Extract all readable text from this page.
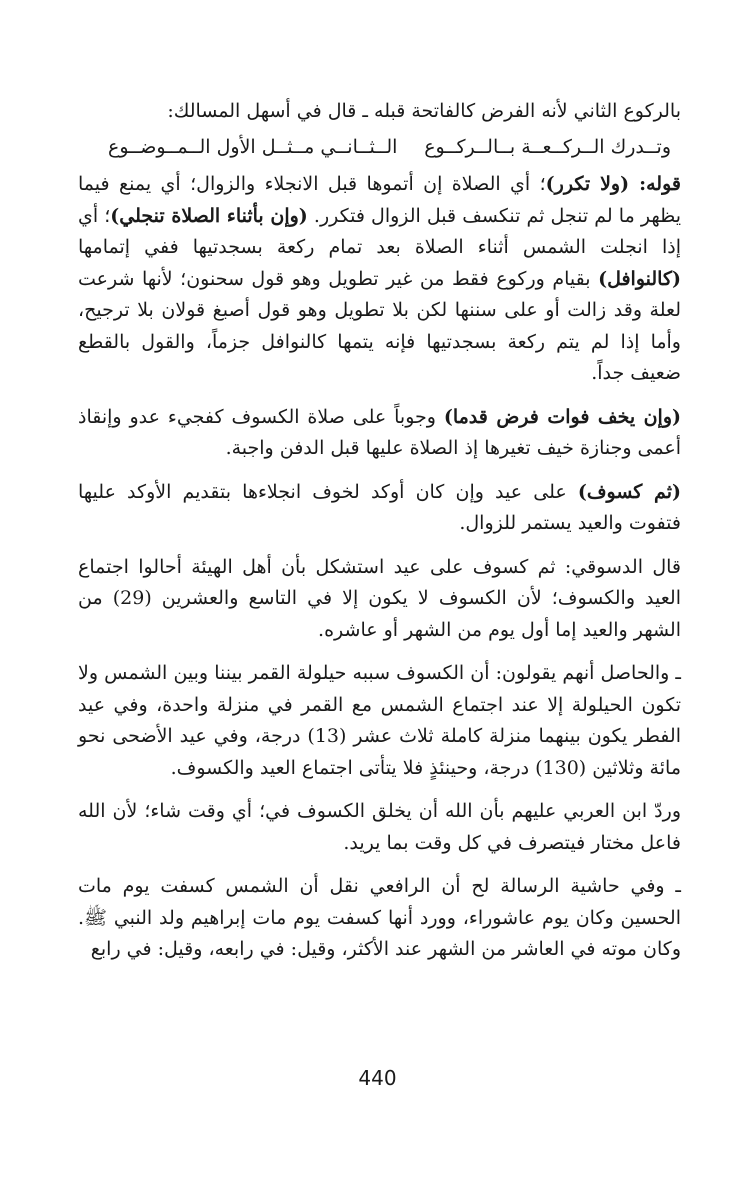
بالركوع الثاني لأنه الفرض كالفاتحة قبله ـ قال في أسهل المسالك:

وتــدرك الــركــعــة بــالــركــوع
الــثــانــي مــثــل الأول الــمــوضــوع

قوله: (ولا تكرر)؛ أي الصلاة إن أتموها قبل الانجلاء والزوال؛ أي يمنع فيما يظهر ما لم تنجل ثم تنكسف قبل الزوال فتكرر. (وإن بأثناء الصلاة تنجلي)؛ أي إذا انجلت الشمس أثناء الصلاة بعد تمام ركعة بسجدتيها ففي إتمامها (كالنوافل) بقيام وركوع فقط من غير تطويل وهو قول سحنون؛ لأنها شرعت لعلة وقد زالت أو على سننها لكن بلا تطويل وهو قول أصبغ قولان بلا ترجيح، وأما إذا لم يتم ركعة بسجدتيها فإنه يتمها كالنوافل جزماً، والقول بالقطع ضعيف جداً.

(وإن يخف فوات فرض قدما) وجوباً على صلاة الكسوف كفجيء عدو وإنقاذ أعمى وجنازة خيف تغيرها إذ الصلاة عليها قبل الدفن واجبة.

(ثم كسوف) على عيد وإن كان أوكد لخوف انجلاءها بتقديم الأوكد عليها فتفوت والعيد يستمر للزوال.

قال الدسوقي: ثم كسوف على عيد استشكل بأن أهل الهيئة أحالوا اجتماع العيد والكسوف؛ لأن الكسوف لا يكون إلا في التاسع والعشرين (29) من الشهر والعيد إما أول يوم من الشهر أو عاشره.

ـ والحاصل أنهم يقولون: أن الكسوف سببه حيلولة القمر بيننا وبين الشمس ولا تكون الحيلولة إلا عند اجتماع الشمس مع القمر في منزلة واحدة، وفي عيد الفطر يكون بينهما منزلة كاملة ثلاث عشر (13) درجة، وفي عيد الأضحى نحو مائة وثلاثين (130) درجة، وحينئذٍ فلا يتأتى اجتماع العيد والكسوف.

وردّ ابن العربي عليهم بأن الله أن يخلق الكسوف في؛ أي وقت شاء؛ لأن الله فاعل مختار فيتصرف في كل وقت بما يريد.

ـ وفي حاشية الرسالة لح أن الرافعي نقل أن الشمس كسفت يوم مات الحسين وكان يوم عاشوراء، وورد أنها كسفت يوم مات إبراهيم ولد النبي ﷺ. وكان موته في العاشر من الشهر عند الأكثر، وقيل: في رابعه، وقيل: في رابع

440
